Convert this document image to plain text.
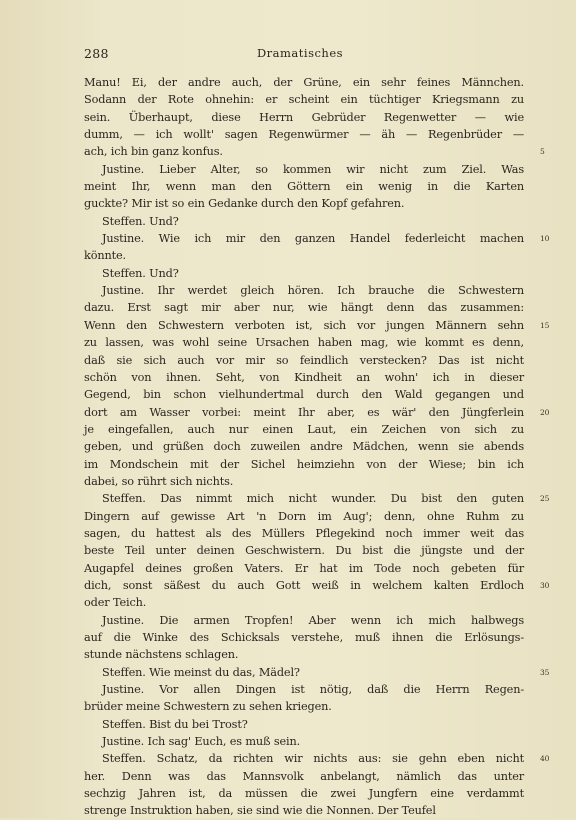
288	Dramatisches
Manu! Ei, der andre auch, der Grüne, ein sehr feines Männchen.
Sodann der Rote ohnehin: er scheint ein tüchtiger Kriegsmann zu
sein. Überhaupt, diese Herrn Gebrüder Regenwetter — wie
dumm, — ich wollt' sagen Regenwürmer — äh — Regenbrüder —
ach, ich bin ganz konfus.	5
Justine. Lieber Alter, so kommen wir nicht zum Ziel. Was
meint Ihr, wenn man den Göttern ein wenig in die Karten
guckte? Mir ist so ein Gedanke durch den Kopf gefahren.
Steffen. Und?
Justine. Wie ich mir den ganzen Handel federleicht machen 10
könnte.
Steffen. Und?
Justine. Ihr werdet gleich hören. Ich brauche die Schwestern
dazu. Erst sagt mir aber nur, wie hängt denn das zusammen:
Wenn den Schwestern verboten ist, sich vor jungen Männern sehn 15
zu lassen, was wohl seine Ursachen haben mag, wie kommt es denn,
daß sie sich auch vor mir so feindlich verstecken? Das ist nicht
schön von ihnen. Seht, von Kindheit an wohn' ich in dieser
Gegend, bin schon vielhundertmal durch den Wald gegangen und
dort am Wasser vorbei: meint Ihr aber, es wär' den Jüngferlein 20
je eingefallen, auch nur einen Laut, ein Zeichen von sich zu
geben, und grüßen doch zuweilen andre Mädchen, wenn sie abends
im Mondschein mit der Sichel heimziehn von der Wiese; bin ich
dabei, so rührt sich nichts.
Steffen. Das nimmt mich nicht wunder. Du bist den guten 25
Dingern auf gewisse Art 'n Dorn im Aug'; denn, ohne Ruhm zu
sagen, du hattest als des Müllers Pflegekind noch immer weit das
beste Teil unter deinen Geschwistern. Du bist die jüngste und der
Augapfel deines großen Vaters. Er hat im Tode noch gebeten für
dich, sonst säßest du auch Gott weiß in welchem kalten Erdloch 30
oder Teich.
Justine. Die armen Tropfen! Aber wenn ich mich halbwegs
auf die Winke des Schicksals verstehe, muß ihnen die Erlösungs-
stunde nächstens schlagen.
Steffen. Wie meinst du das, Mädel?	35
Justine. Vor allen Dingen ist nötig, daß die Herrn Regen-
brüder meine Schwestern zu sehen kriegen.
Steffen. Bist du bei Trost?
Justine. Ich sag' Euch, es muß sein.
Steffen. Schatz, da richten wir nichts aus: sie gehn eben nicht 40
her. Denn was das Mannsvolk anbelangt, nämlich das unter
sechzig Jahren ist, da müssen die zwei Jungfern eine verdammt
strenge Instruktion haben, sie sind wie die Nonnen. Der Teufel
